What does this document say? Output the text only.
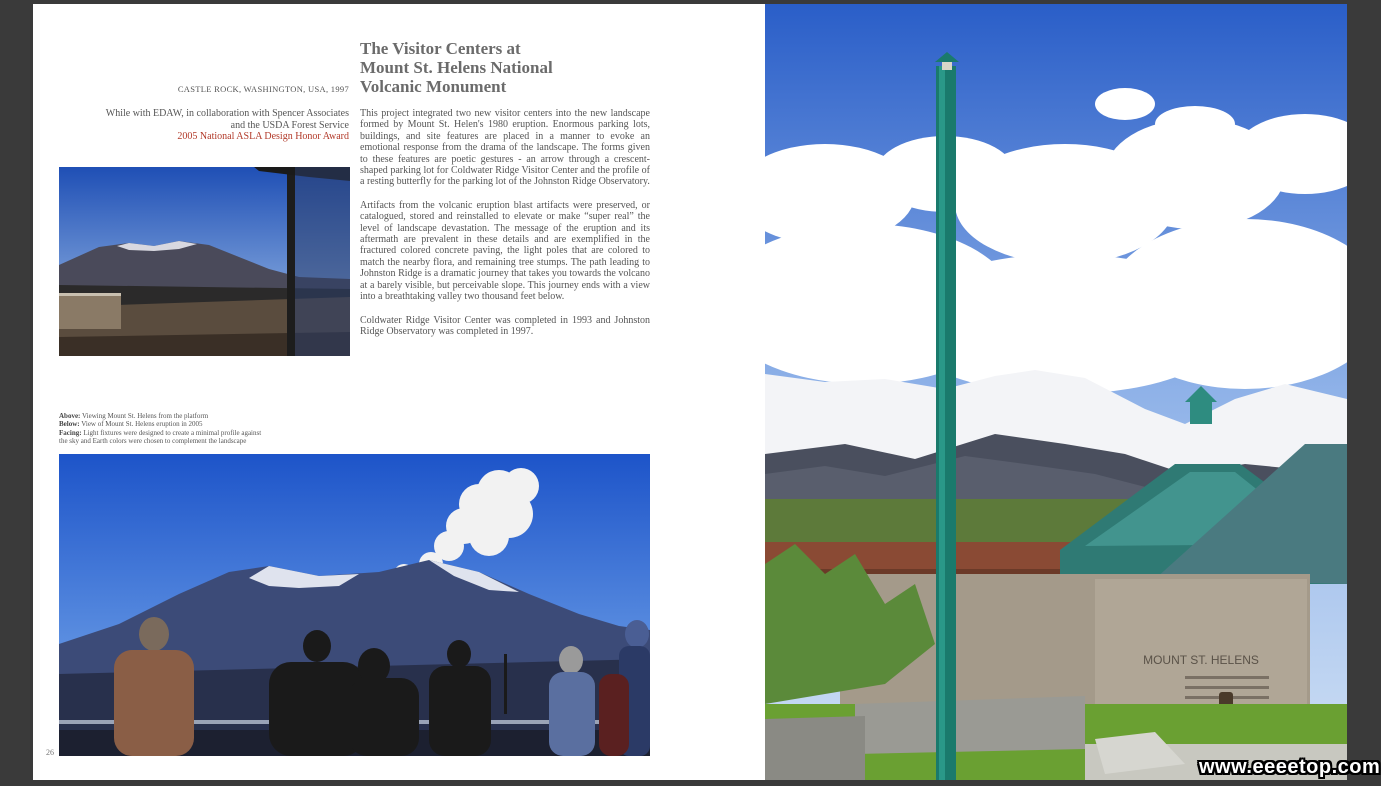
The Visitor Centers at
Mount St. Helens National
Volcanic Monument
CASTLE ROCK, WASHINGTON, USA, 1997
While with EDAW, in collaboration with Spencer Associates
and the USDA Forest Service
2005 National ASLA Design Honor Award

This project integrated two new visitor centers into the new landscape formed by Mount St. Helen's 1980 eruption. Enormous parking lots, buildings, and site features are placed in a manner to evoke an emotional response from the drama of the landscape. The forms given to these features are poetic gestures - an arrow through a crescent-shaped parking lot for Coldwater Ridge Visitor Center and the profile of a resting butterfly for the parking lot of the Johnston Ridge Observatory.

Artifacts from the volcanic eruption blast artifacts were preserved, or catalogued, stored and reinstalled to elevate or make “super real” the level of landscape devastation. The message of the eruption and its aftermath are prevalent in these details and are exemplified in the fractured colored concrete paving, the light poles that are colored to match the nearby flora, and remaining tree stumps. The path leading to Johnston Ridge is a dramatic journey that takes you towards the volcano at a barely visible, but perceivable slope. This journey ends with a view into a breathtaking valley two thousand feet below.

Coldwater Ridge Visitor Center was completed in 1993 and Johnston Ridge Observatory was completed in 1997.

Above: Viewing Mount St. Helens from the platform
Below: View of Mount St. Helens eruption in 2005
Facing: Light fixtures were designed to create a minimal profile against
the sky and Earth colors were chosen to complement the landscape
26
MOUNT ST. HELENS
www.eeeetop.com
